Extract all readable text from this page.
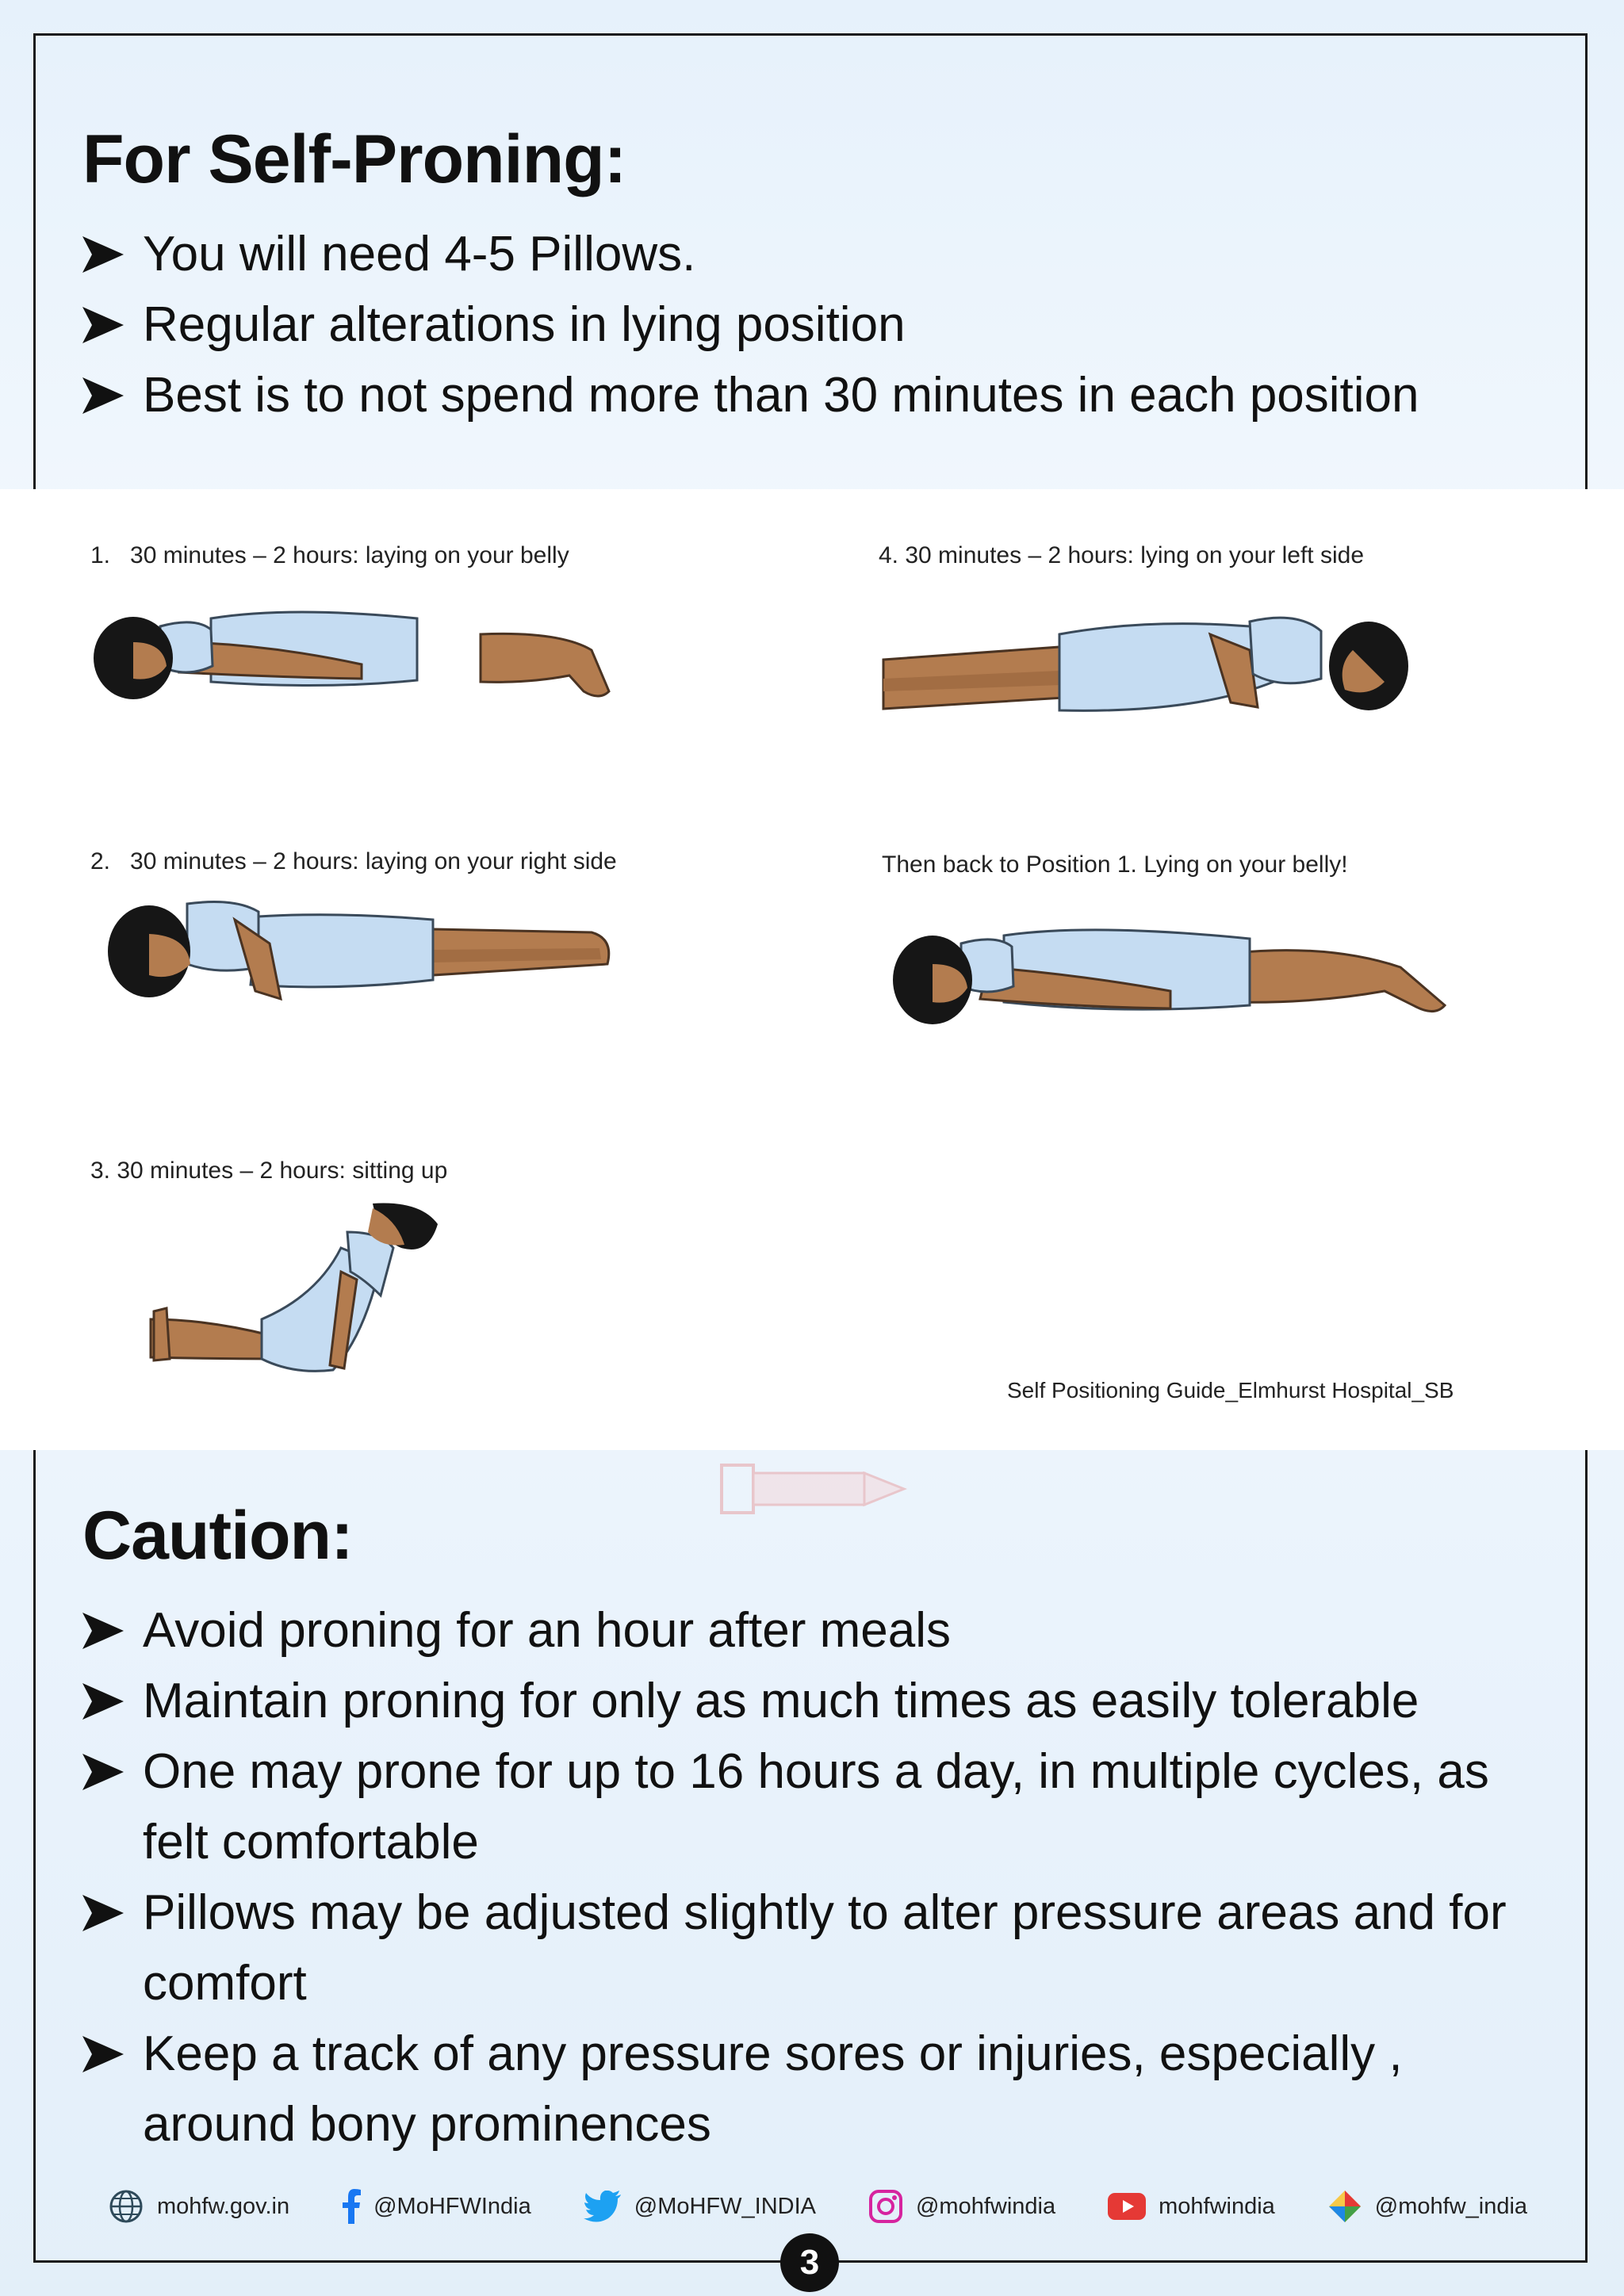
For Self-Proning:
You will need 4-5 Pillows.
Regular alterations in lying position
Best is to not spend more than 30 minutes in each position
1. 30 minutes – 2 hours: laying on your belly	4. 30 minutes – 2 hours: lying on your left side
2. 30 minutes – 2 hours: laying on your right side	Then back to Position 1. Lying on your belly!
3. 30 minutes – 2 hours: sitting up
Self Positioning Guide_Elmhurst Hospital_SB
Caution:
Avoid proning for an hour after meals
Maintain proning for only as much times as easily tolerable
One may prone for up to 16 hours a day, in multiple cycles, as felt comfortable
Pillows may be adjusted slightly to alter pressure areas and for comfort
Keep a track of any pressure sores or injuries, especially , around bony prominences
mohfw.gov.in	@MoHFWIndia	@MoHFW_INDIA	@mohfwindia	mohfwindia	@mohfw_india
3
